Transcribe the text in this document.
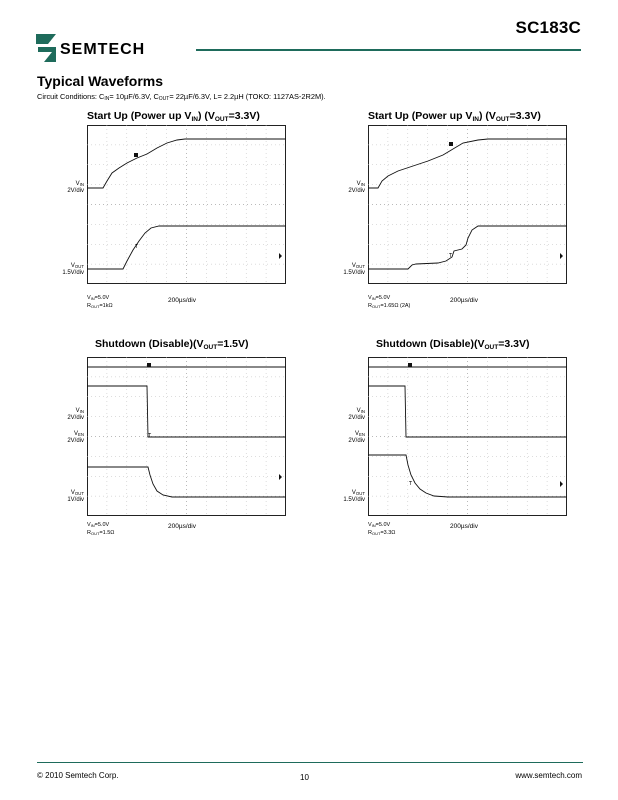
SC183C
SEMTECH
Typical Waveforms
Circuit Conditions: $C_{IN}= 10\mu F/6.3V$, $C_{OUT}= 22\mu F/6.3V$, L= 2.2µH (TOKO: 1127AS-2R2M).
Start Up (Power up VIN) (VOUT=3.3V)
T
VIN
2V/div
VOUT
1.5V/div
VIN=5.0V
ROUT=1kΩ
200µs/div
Start Up (Power up VIN) (VOUT=3.3V)
T
VIN
2V/div
VOUT
1.5V/div
VIN=5.0V
ROUT=1.65Ω (2A)
200µs/div
Shutdown (Disable)(VOUT=1.5V)
T
VIN
2V/div
VEN
2V/div
VOUT
1V/div
VIN=5.0V
ROUT=1.5Ω
200µs/div
Shutdown (Disable)(VOUT=3.3V)
T
VIN
2V/div
VEN
2V/div
VOUT
1.5V/div
VIN=5.0V
ROUT=3.3Ω
200µs/div
© 2010 Semtech Corp.	10	www.semtech.com
